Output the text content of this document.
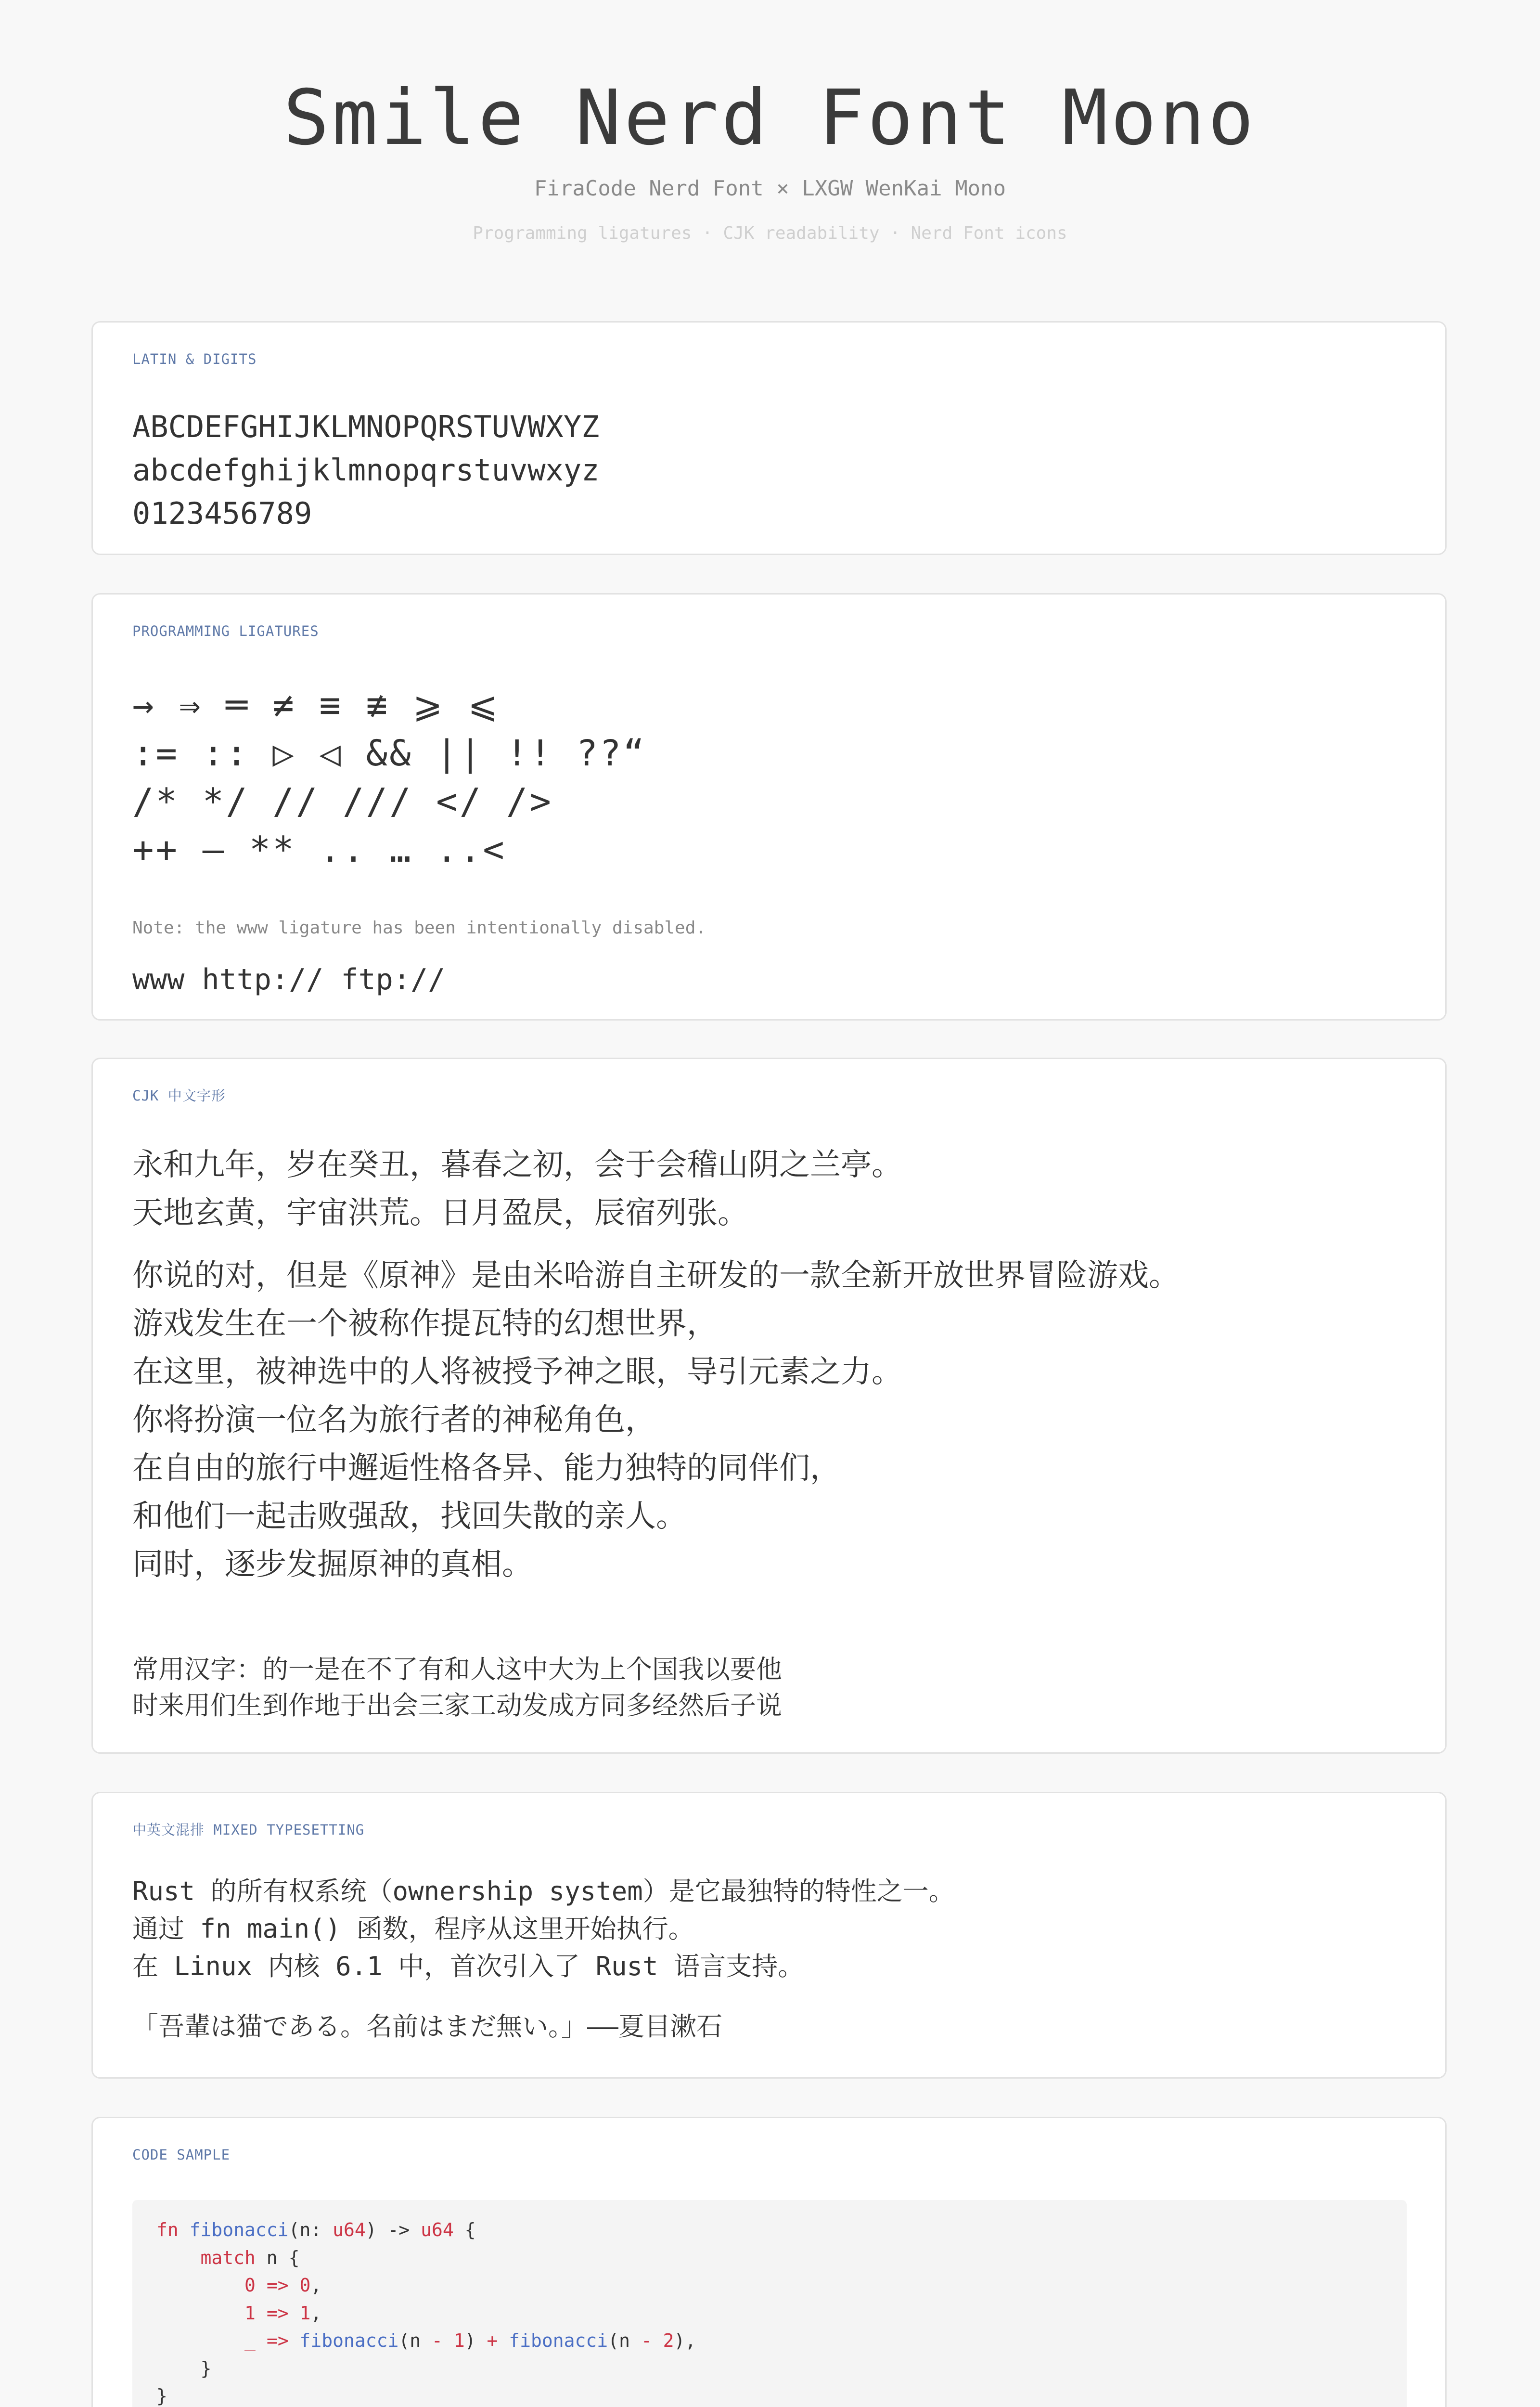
Smile Nerd Font Mono
FiraCode Nerd Font × LXGW WenKai Mono
Programming ligatures · CJK readability · Nerd Font icons
LATIN & DIGITS
ABCDEFGHIJKLMNOPQRSTUVWXYZ
abcdefghijklmnopqrstuvwxyz
0123456789
PROGRAMMING LIGATURES
→ ⇒ ═ ≠ ≡ ≢ ⩾ ⩽
:= :: ▷ ◁ && || !! ??“
/* */ // /// </ />
++ — ** .. … ..<
Note: the www ligature has been intentionally disabled.
www http:// ftp://
CJK 中文字形
永和九年，岁在癸丑，暮春之初，会于会稽山阴之兰亭。
天地玄黄，宇宙洪荒。日月盈昃，辰宿列张。
你说的对，但是《原神》是由米哈游自主研发的一款全新开放世界冒险游戏。
游戏发生在一个被称作提瓦特的幻想世界，
在这里，被神选中的人将被授予神之眼，导引元素之力。
你将扮演一位名为旅行者的神秘角色，
在自由的旅行中邂逅性格各异、能力独特的同伴们，
和他们一起击败强敌，找回失散的亲人。
同时，逐步发掘原神的真相。
常用汉字：的一是在不了有和人这中大为上个国我以要他
时来用们生到作地于出会三家工动发成方同多经然后子说
中英文混排 MIXED TYPESETTING
Rust 的所有权系统（ownership system）是它最独特的特性之一。
通过 fn main() 函数，程序从这里开始执行。
在 Linux 内核 6.1 中，首次引入了 Rust 语言支持。
「吾輩は猫である。名前はまだ無い。」——夏目漱石
CODE SAMPLE
fn fibonacci(n: u64) -> u64 {
match n {
0 => 0,
1 => 1,
_ => fibonacci(n - 1) + fibonacci(n - 2),
}
}
